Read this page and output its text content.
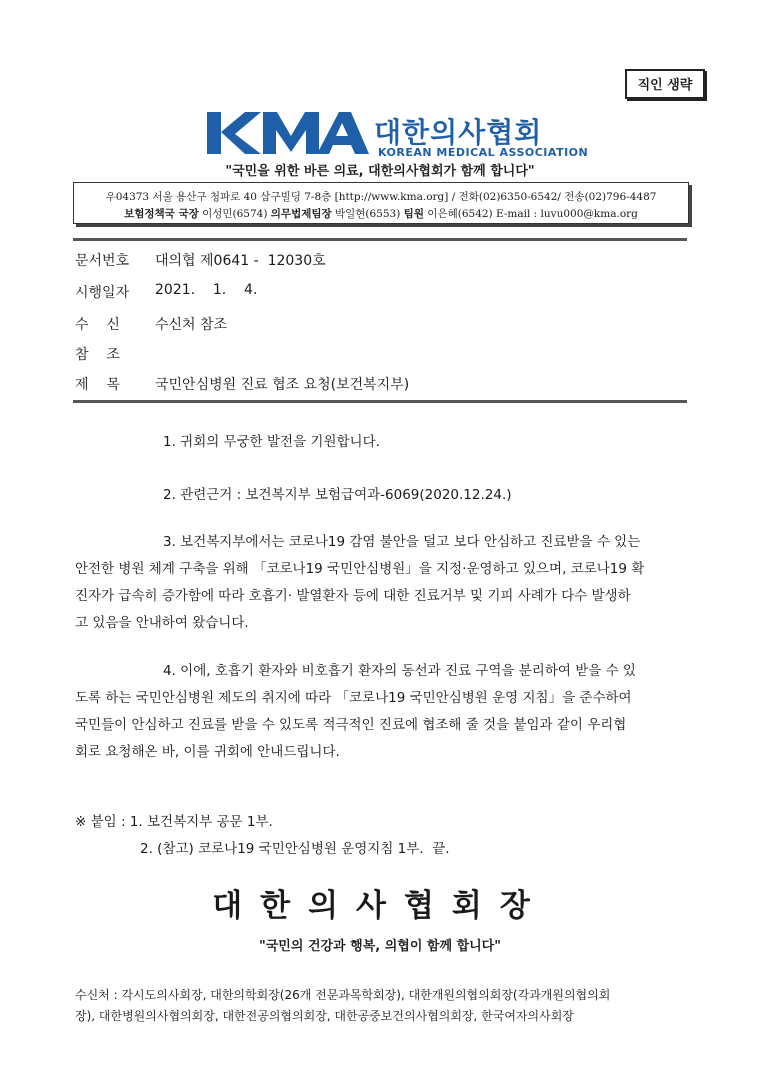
직인 생략
대한의사협회
KOREAN MEDICAL ASSOCIATION
"국민을 위한 바른 의료, 대한의사협회가 함께 합니다"
우04373 서울 용산구 청파로 40 삼구빌딩 7-8층 [http://www.kma.org] / 전화(02)6350-6542/ 전송(02)796-4487
보험정책국 국장 이성민(6574) 의무법제팀장 박일현(6553) 팀원 이은혜(6542) E-mail : luvu000@kma.org
문서번호 대의협 제0641 -  12030호
시행일자 2021.    1.    4.
수    신	수신처 참조
참    조
제    목	국민안심병원 진료 협조 요청(보건복지부)
1. 귀회의 무궁한 발전을 기원합니다.
2. 관련근거 : 보건복지부 보험급여과-6069(2020.12.24.)
3. 보건복지부에서는 코로나19 감염 불안을 덜고 보다 안심하고 진료받을 수 있는
안전한 병원 체계 구축을 위해 「코로나19 국민안심병원」을 지정·운영하고 있으며, 코로나19 확
진자가 급속히 증가함에 따라 호흡기· 발열환자 등에 대한 진료거부 및 기피 사례가 다수 발생하
고 있음을 안내하여 왔습니다.
4. 이에, 호흡기 환자와 비호흡기 환자의 동선과 진료 구역을 분리하여 받을 수 있
도록 하는 국민안심병원 제도의 취지에 따라 「코로나19 국민안심병원 운영 지침」을 준수하여
국민들이 안심하고 진료를 받을 수 있도록 적극적인 진료에 협조해 줄 것을 붙임과 같이 우리협
회로 요청해온 바, 이를 귀회에 안내드립니다.
※ 붙임 : 1. 보건복지부 공문 1부.
2. (참고) 코로나19 국민안심병원 운영지침 1부.  끝.
대한의사협회장
"국민의 건강과 행복, 의협이 함께 합니다"

수신처 : 각시도의사회장, 대한의학회장(26개 전문과목학회장), 대한개원의협의회장(각과개원의협의회

장), 대한병원의사협의회장, 대한전공의협의회장, 대한공중보건의사협의회장, 한국여자의사회장
